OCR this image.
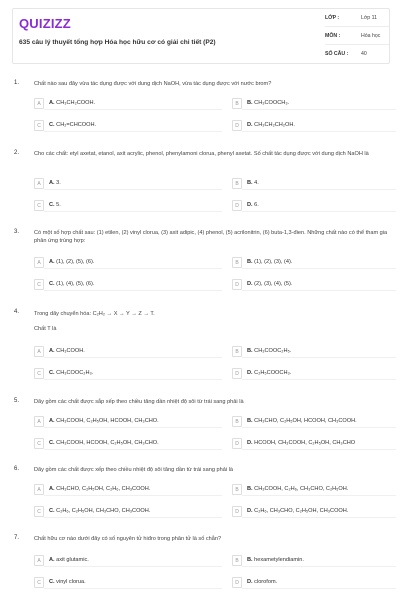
QUIZIZZ
635 câu lý thuyết tổng hợp Hóa học hữu cơ có giải chi tiết (P2)
LỚP :	Lớp 11
MÔN :	Hóa học
SỐ CÂU : 40
1.	Chất nào sau đây vừa tác dụng được với dung dịch NaOH, vừa tác dụng được với nước brom?
A	A. CH₃CH₂COOH.	B	B. CH₃COOCH₃.
C	C. CH₂=CHCOOH.	D	D. CH₃CH₂CH₂OH.
2.	Cho các chất: etyl axetat, etanol, axit acrylic, phenol, phenylamoni clorua, phenyl axetat. Số chất tác dụng được với dung dịch NaOH là
A	A. 3.	B	B. 4.
C	C. 5.	D	D. 6.
3.	Có một số hợp chất sau: (1) etilen, (2) vinyl clorua, (3) axit adipic, (4) phenol, (5) acrilonitrin, (6) buta-1,3-đien. Những chất nào có thể tham gia phản ứng trùng hợp:
A	A. (1), (2), (5), (6).	B	B. (1), (2), (3), (4).
C	C. (1), (4), (5), (6).	D	D. (2), (3), (4), (5).
4.	Trong dãy chuyển hóa: C₂H₂ → X → Y → Z → T.
Chất T là
A	A. CH₃COOH.	B	B. CH₃COOC₂H₅.
C	C. CH₃COOC₂H₃.	D	D. C₂H₅COOCH₃.
5.	Dãy gồm các chất được sắp xếp theo chiều tăng dần nhiệt độ sôi từ trái sang phải là
A	A. CH₃COOH, C₂H₅OH, HCOOH, CH₃CHO.	B	B. CH₃CHO, C₂H₅OH, HCOOH, CH₃COOH.
C	C. CH₃COOH, HCOOH, C₂H₅OH, CH₃CHO.	D	D. HCOOH, CH₃COOH, C₂H₅OH, CH₃CHO
6.	Dãy gồm các chất được xếp theo chiều nhiệt độ sôi tăng dần từ trái sang phải là
A	A. CH₃CHO, C₂H₅OH, C₂H₆, CH₃COOH.	B	B. CH₃COOH, C₂H₆, CH₃CHO, C₂H₅OH.
C	C. C₂H₆, C₂H₅OH, CH₃CHO, CH₃COOH.	D	D. C₂H₆, CH₃CHO, C₂H₅OH, CH₃COOH.
7.	Chất hữu cơ nào dưới đây có số nguyên tử hiđro trong phân tử là số chẵn?
A	A. axit glutamic.	B	B. hexametylendiamin.
C	C. vinyl clorua.	D	D. clorofom.
